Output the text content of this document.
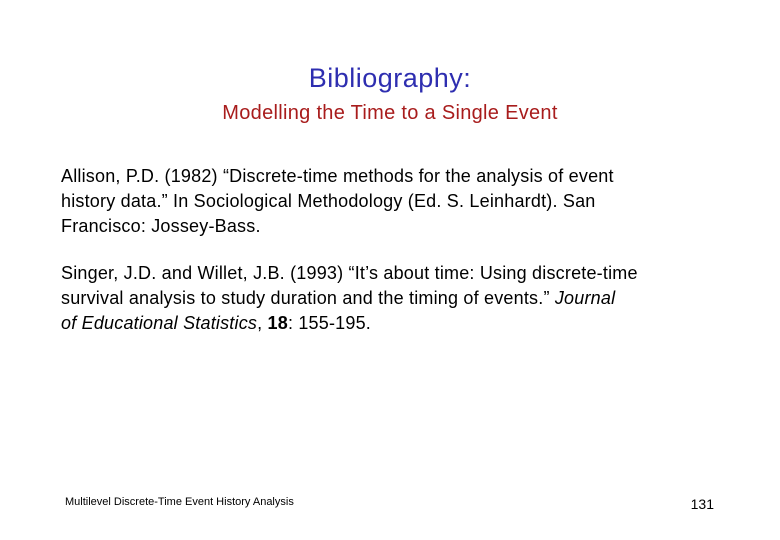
Bibliography:
Modelling the Time to a Single Event
Allison, P.D. (1982) “Discrete-time methods for the analysis of event
history data.” In Sociological Methodology (Ed. S. Leinhardt). San
Francisco: Jossey-Bass.
Singer, J.D. and Willet, J.B. (1993) “It’s about time: Using discrete-time
survival analysis to study duration and the timing of events.” Journal
of Educational Statistics, 18: 155-195.
Multilevel Discrete-Time Event History Analysis	131
